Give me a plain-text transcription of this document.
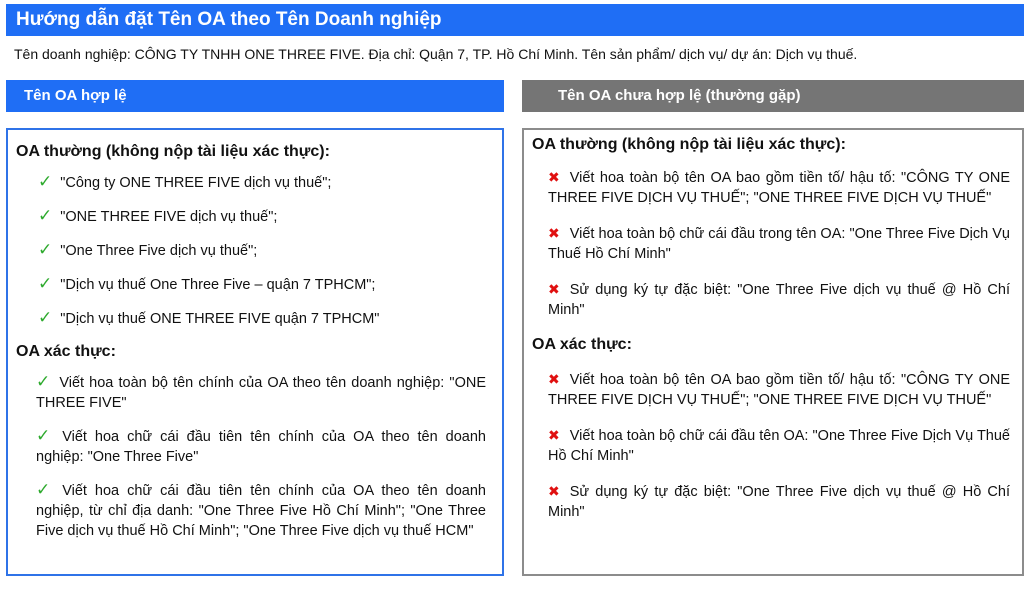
Hướng dẫn đặt Tên OA theo Tên Doanh nghiệp
Tên doanh nghiệp: CÔNG TY TNHH ONE THREE FIVE. Địa chỉ: Quận 7, TP. Hồ Chí Minh. Tên sản phẩm/ dịch vụ/ dự án: Dịch vụ thuế.
Tên OA hợp lệ	Tên OA chưa hợp lệ (thường gặp)
OA thường (không nộp tài liệu xác thực):
✓ "Công ty ONE THREE FIVE dịch vụ thuế";
✓ "ONE THREE FIVE dịch vụ thuế";
✓ "One Three Five dịch vụ thuế";
✓ "Dịch vụ thuế One Three Five – quận 7 TPHCM";
✓ "Dịch vụ thuế ONE THREE FIVE quận 7 TPHCM"
OA xác thực:
✓ Viết hoa toàn bộ tên chính của OA theo tên doanh nghiệp: "ONE THREE FIVE"
✓ Viết hoa chữ cái đầu tiên tên chính của OA theo tên doanh nghiệp: "One Three Five"
✓ Viết hoa chữ cái đầu tiên tên chính của OA theo tên doanh nghiệp, từ chỉ địa danh: "One Three Five Hồ Chí Minh"; "One Three Five dịch vụ thuế Hồ Chí Minh"; "One Three Five dịch vụ thuế HCM"
OA thường (không nộp tài liệu xác thực):
✖ Viết hoa toàn bộ tên OA bao gồm tiền tố/ hậu tố: "CÔNG TY ONE THREE FIVE DỊCH VỤ THUẾ"; "ONE THREE FIVE DỊCH VỤ THUẾ"
✖ Viết hoa toàn bộ chữ cái đầu trong tên OA: "One Three Five Dịch Vụ Thuế Hồ Chí Minh"
✖ Sử dụng ký tự đặc biệt: "One Three Five dịch vụ thuế @ Hồ Chí Minh"
OA xác thực:
✖ Viết hoa toàn bộ tên OA bao gồm tiền tố/ hậu tố: "CÔNG TY ONE THREE FIVE DỊCH VỤ THUẾ"; "ONE THREE FIVE DỊCH VỤ THUẾ"
✖ Viết hoa toàn bộ chữ cái đầu tên OA: "One Three Five Dịch Vụ Thuế Hồ Chí Minh"
✖ Sử dụng ký tự đặc biệt: "One Three Five dịch vụ thuế @ Hồ Chí Minh"
